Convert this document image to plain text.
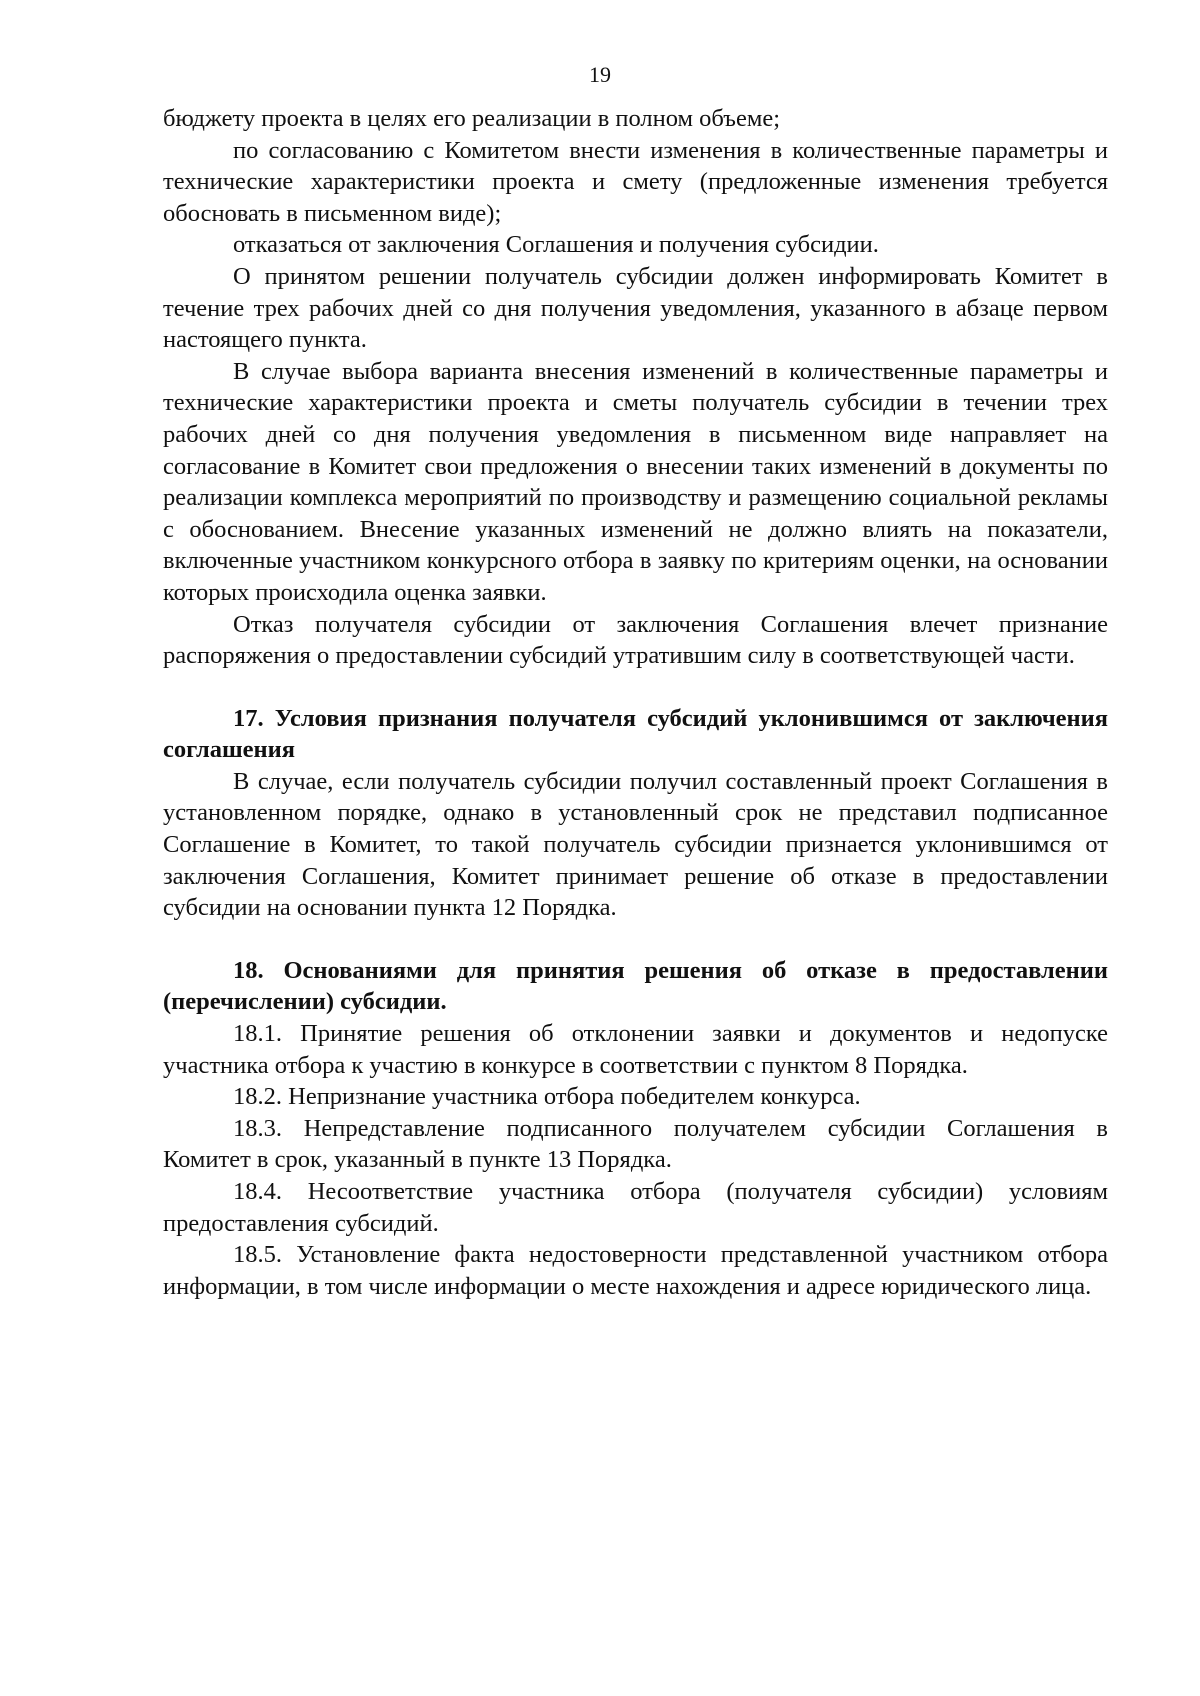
19

бюджету проекта в целях его реализации в полном объеме;

по согласованию с Комитетом внести изменения в количественные параметры и технические характеристики проекта и смету (предложенные изменения требуется обосновать в письменном виде);

отказаться от заключения Соглашения и получения субсидии.

О принятом решении получатель субсидии должен информировать Комитет в течение трех рабочих дней со дня получения уведомления, указанного в абзаце первом настоящего пункта.

В случае выбора варианта внесения изменений в количественные параметры и технические характеристики проекта и сметы получатель субсидии в течении трех рабочих дней со дня получения уведомления в письменном виде направляет на согласование в Комитет свои предложения о внесении таких изменений в документы по реализации комплекса мероприятий по производству и размещению социальной рекламы с обоснованием. Внесение указанных изменений не должно влиять на показатели, включенные участником конкурсного отбора в заявку по критериям оценки, на основании которых происходила оценка заявки.

Отказ получателя субсидии от заключения Соглашения влечет признание распоряжения о предоставлении субсидий утратившим силу в соответствующей части.

17. Условия признания получателя субсидий уклонившимся от заключения соглашения

В случае, если получатель субсидии получил составленный проект Соглашения в установленном порядке, однако в установленный срок не представил подписанное Соглашение в Комитет, то такой получатель субсидии признается уклонившимся от заключения Соглашения, Комитет принимает решение об отказе в предоставлении субсидии на основании пункта 12 Порядка.

18. Основаниями для принятия решения об отказе в предоставлении (перечислении) субсидии.

18.1. Принятие решения об отклонении заявки и документов и недопуске участника отбора к участию в конкурсе в соответствии с пунктом 8 Порядка.

18.2. Непризнание участника отбора победителем конкурса.

18.3. Непредставление подписанного получателем субсидии Соглашения в Комитет в срок, указанный в пункте 13 Порядка.

18.4. Несоответствие участника отбора (получателя субсидии) условиям предоставления субсидий.

18.5. Установление факта недостоверности представленной участником отбора информации, в том числе информации о месте нахождения и адресе юридического лица.
